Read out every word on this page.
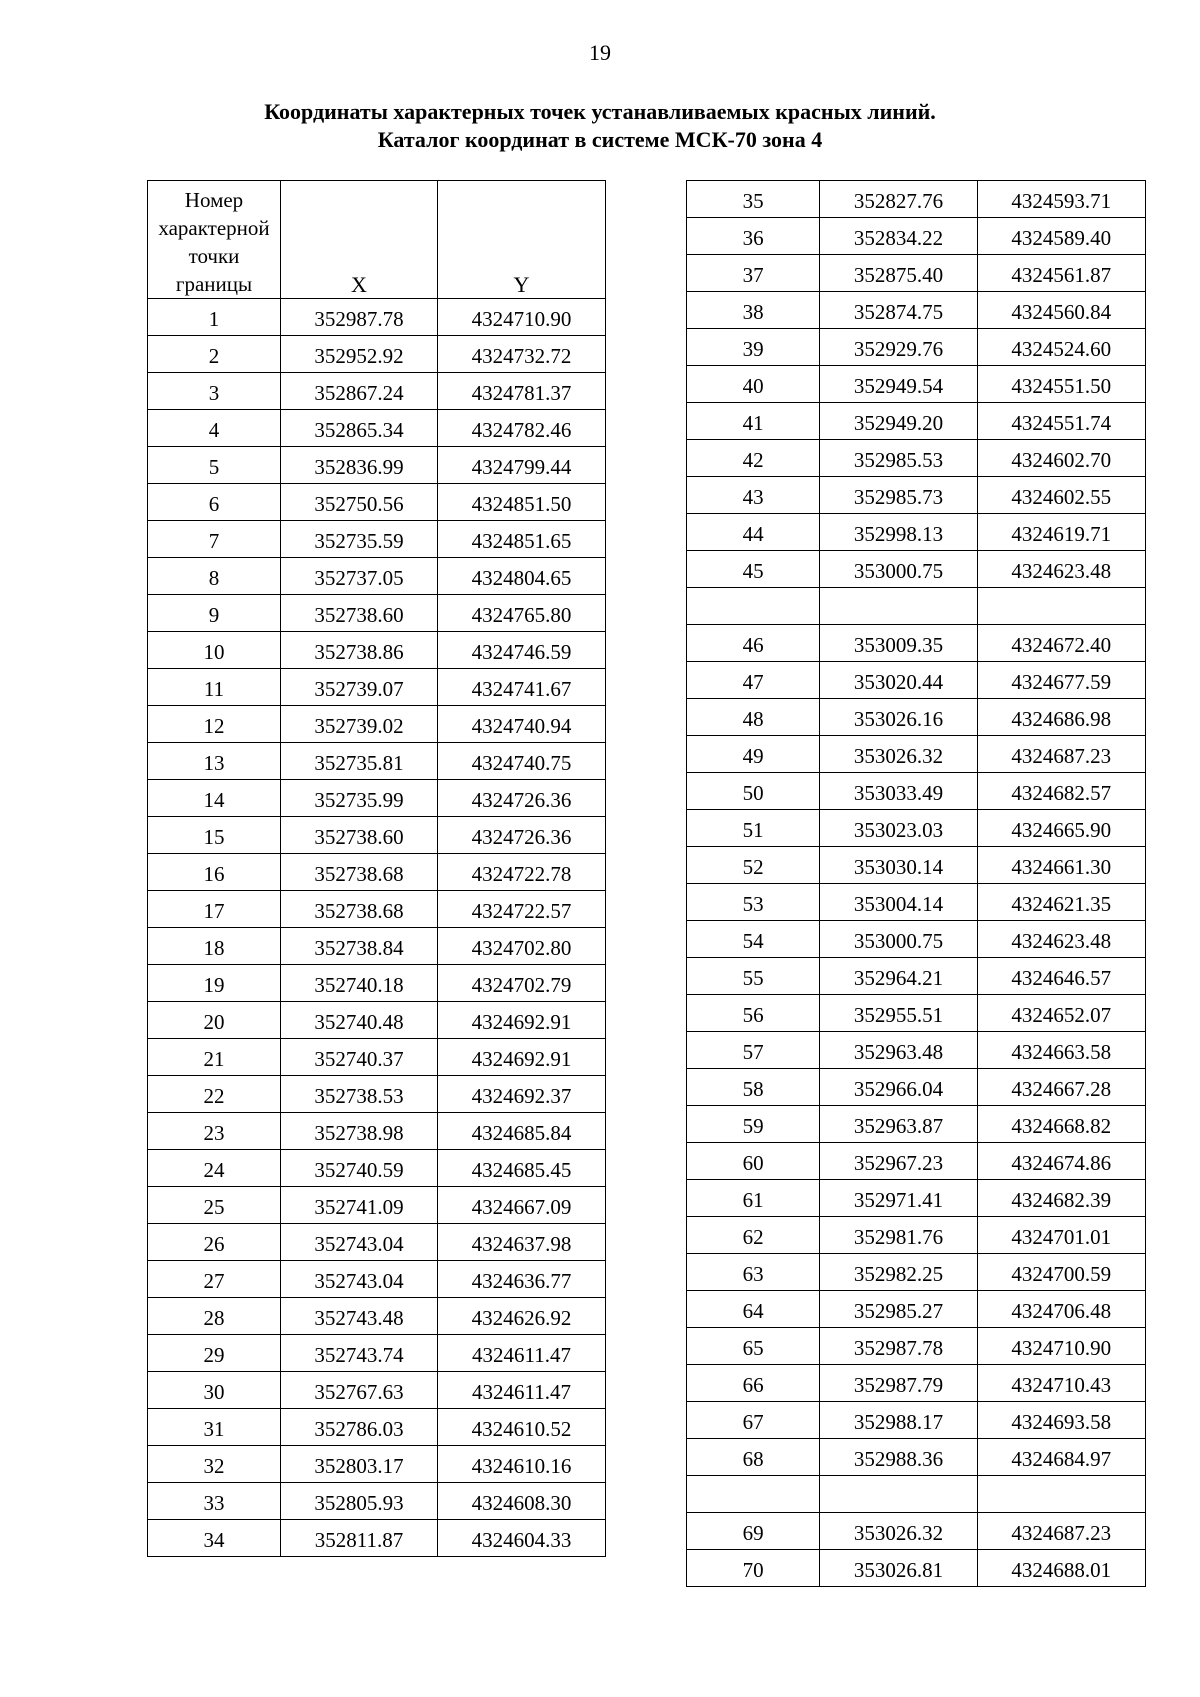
19
Координаты характерных точек устанавливаемых красных линий.
Каталог координат в системе МСК-70 зона 4
Номер характерной точки границы	X	Y
1	352987.78	4324710.90
2	352952.92	4324732.72
3	352867.24	4324781.37
4	352865.34	4324782.46
5	352836.99	4324799.44
6	352750.56	4324851.50
7	352735.59	4324851.65
8	352737.05	4324804.65
9	352738.60	4324765.80
10	352738.86	4324746.59
11	352739.07	4324741.67
12	352739.02	4324740.94
13	352735.81	4324740.75
14	352735.99	4324726.36
15	352738.60	4324726.36
16	352738.68	4324722.78
17	352738.68	4324722.57
18	352738.84	4324702.80
19	352740.18	4324702.79
20	352740.48	4324692.91
21	352740.37	4324692.91
22	352738.53	4324692.37
23	352738.98	4324685.84
24	352740.59	4324685.45
25	352741.09	4324667.09
26	352743.04	4324637.98
27	352743.04	4324636.77
28	352743.48	4324626.92
29	352743.74	4324611.47
30	352767.63	4324611.47
31	352786.03	4324610.52
32	352803.17	4324610.16
33	352805.93	4324608.30
34	352811.87	4324604.33
35	352827.76	4324593.71
36	352834.22	4324589.40
37	352875.40	4324561.87
38	352874.75	4324560.84
39	352929.76	4324524.60
40	352949.54	4324551.50
41	352949.20	4324551.74
42	352985.53	4324602.70
43	352985.73	4324602.55
44	352998.13	4324619.71
45	353000.75	4324623.48

46	353009.35	4324672.40
47	353020.44	4324677.59
48	353026.16	4324686.98
49	353026.32	4324687.23
50	353033.49	4324682.57
51	353023.03	4324665.90
52	353030.14	4324661.30
53	353004.14	4324621.35
54	353000.75	4324623.48
55	352964.21	4324646.57
56	352955.51	4324652.07
57	352963.48	4324663.58
58	352966.04	4324667.28
59	352963.87	4324668.82
60	352967.23	4324674.86
61	352971.41	4324682.39
62	352981.76	4324701.01
63	352982.25	4324700.59
64	352985.27	4324706.48
65	352987.78	4324710.90
66	352987.79	4324710.43
67	352988.17	4324693.58
68	352988.36	4324684.97

69	353026.32	4324687.23
70	353026.81	4324688.01
